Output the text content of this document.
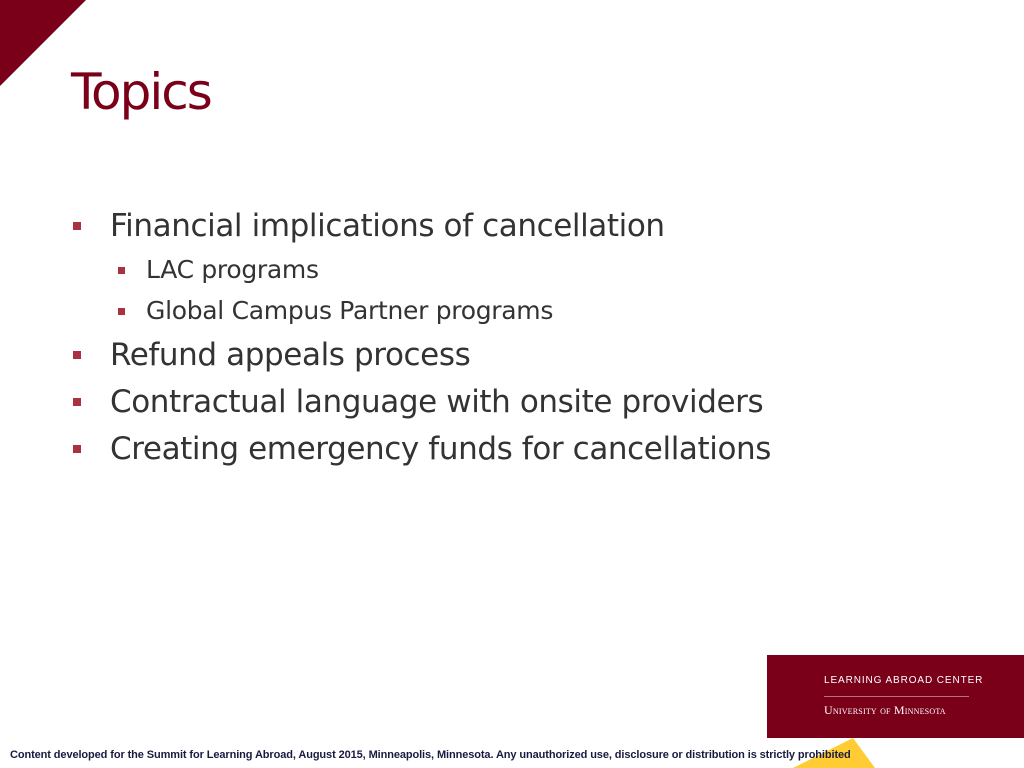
Topics
Financial implications of cancellation
LAC programs
Global Campus Partner programs
Refund appeals process
Contractual language with onsite providers
Creating emergency funds for cancellations
LEARNING ABROAD CENTER
University of Minnesota
Content developed for the Summit for Learning Abroad, August 2015, Minneapolis, Minnesota. Any unauthorized use, disclosure or distribution is strictly prohibited
